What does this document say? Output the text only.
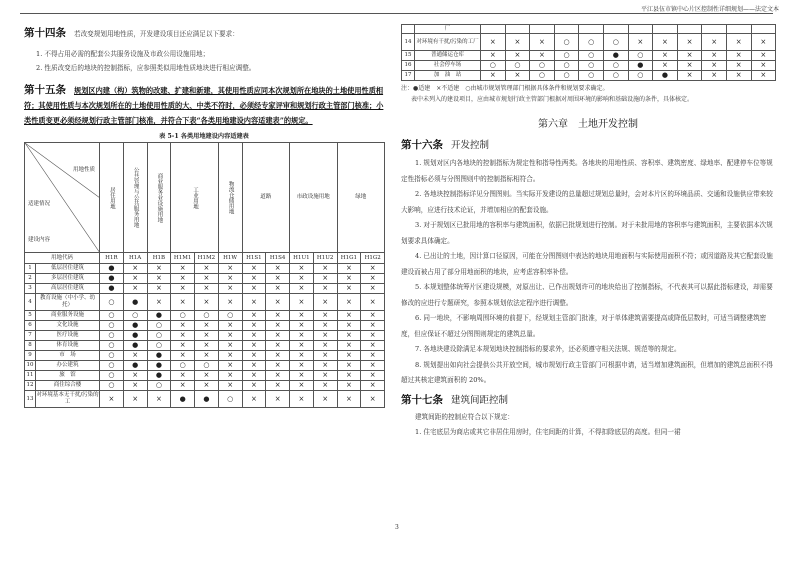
平江县伍市镇中心片区控制性详细规划——法定文本

第十四条 若改变规划用地性质，开发建设项目还应满足以下要求：

1. 不得占用必需的配套公共服务设施及市政公用设施用地；

2. 性质改变后的地块的控制指标，应参照类似用地性质地块进行相应调整。

第十五条 规划区内建（构）筑物的改建、扩建和新建，其使用性质应同本次规划所在地块的土地使用性质相符；其使用性质与本次规划所在的土地使用性质的大、中类不符时，必须经专家评审和规划行政主管部门核准；小类性质变更必须经规划行政主管部门核准，并符合下表“各类用地建设内容适建表”的规定。

表 5-1 各类用地建设内容适建表
用地性质
适建情况
建设内容		居住用地	公共管理与公共服务用地	商业服务业设施用地	工业用地		物流仓储用地	道路		市政设施用地		绿地	
用地代码		H1R	H1A	H1B	H1M1	H1M2	H1W	H1S1	H1S4	H1U1	H1U2	H1G1	H1G2
1	低层居住建筑	●	×	×	×	×	×	×	×	×	×	×	×
2	多层居住建筑	●	×	×	×	×	×	×	×	×	×	×	×
3	高层居住建筑	●	×	×	×	×	×	×	×	×	×	×	×
4	教育设施（中小学、幼托）	○	●	×	×	×	×	×	×	×	×	×	×
5	商业服务设施	○	○	●	○	○	○	×	×	×	×	×	×
6	文化设施	○	●	○	×	×	×	×	×	×	×	×	×
7	医疗设施	○	●	○	×	×	×	×	×	×	×	×	×
8	体育设施	○	●	○	×	×	×	×	×	×	×	×	×
9	市　场	○	×	●	×	×	×	×	×	×	×	×	×
10	办公建筑	○	●	●	○	○	×	×	×	×	×	×	×
11	旅　馆	○	×	●	×	×	×	×	×	×	×	×	×
12	商住综合楼	○	×	○	×	×	×	×	×	×	×	×	×
13	对环境基本无干扰/污染的工	×	×	×	●	●	○	×	×	×	×	×	×
	厂												
14	对环境有干扰/污染的工厂	×	×	×	○	○	○	×	×	×	×	×	×
15	普通储运仓库	×	×	×	○	○	●	○	×	×	×	×	×
16	社会停车场	○	○	○	○	○	○	●	×	×	×	×	×
17	加　油　站	×	×	○	○	○	○	○	●	×	×	×	×

注：●适建　×不适建　○由城市规划管理部门根据具体条件和规划要求确定。

表中未列入的建设项目，应由城市规划行政主管部门根据对周围环境的影响和基础设施的条件，具体核定。

第六章　土地开发控制

第十六条 开发控制

1. 规划对区内各地块的控制指标为规定性和指导性两类。各地块的用地性质、容积率、建筑密度、绿地率、配建停车位等规定性指标必须与分图图则中的控制指标相符合。

2. 各地块控制指标详见分图图则。当实际开发建设的总量超过规划总量时，会对本片区的环境品质、交通和设施供应带来较大影响，应进行技术论证，并增加相应的配套设施。

3. 对于规划区已批用地的容积率与建筑面积，依据已批规划进行控制。对于未批用地的容积率与建筑面积，主要依据本次规划要求具体确定。

4. 已出让的土地，因计算口径原因，可能在分图图则中表达的地块用地面积与实际使用面积不符；或因道路及其它配套设施建设而被占用了部分用地面积的地块，应考虑容积率补偿。

5. 本规划整体统筹片区建设规模，对原出让、已作出规划许可的地块给出了控制指标，不代表其可以据此指标建设，却需要修改的应进行专题研究，参照本规划依法定程序进行调整。

6. 同一地块，不影响周围环境的前提下，经规划主管部门批准，对于单体建筑需要提高或降低层数时，可适当调整建筑密度，但应保证不超过分图图则规定的建筑总量。

7. 各地块建设除满足本规划地块控制指标的要求外，还必须遵守相关法规、规范等的规定。

8. 规划提出如向社会提供公共开放空间，城市规划行政主管部门可根据申请，适当增加建筑面积，但增加的建筑总面积不得超过其核定建筑面积的 20%。

第十七条 建筑间距控制

建筑间距的控制应符合以下规定：

1. 住宅底层为商店或其它非居住用房时，住宅间距的计算，不得扣除底层的高度。但同一裙

3
